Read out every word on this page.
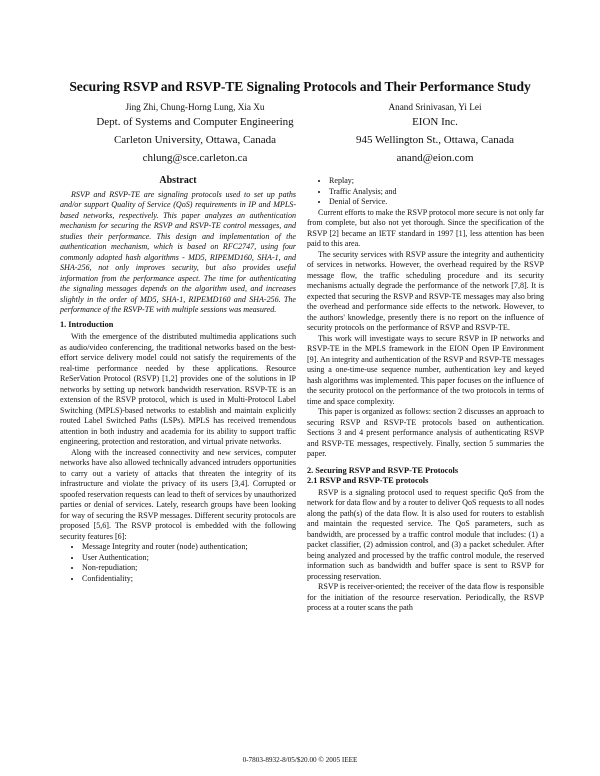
Securing RSVP and RSVP-TE Signaling Protocols and Their Performance Study
Jing Zhi, Chung-Horng Lung, Xia Xu
Dept. of Systems and Computer Engineering
Carleton University, Ottawa, Canada
chlung@sce.carleton.ca
Anand Srinivasan, Yi Lei
EION Inc.
945 Wellington St., Ottawa, Canada
anand@eion.com
Abstract

RSVP and RSVP-TE are signaling protocols used to set up paths and/or support Quality of Service (QoS) requirements in IP and MPLS-based networks, respectively. This paper analyzes an authentication mechanism for securing the RSVP and RSVP-TE control messages, and studies their performance. This design and implementation of the authentication mechanism, which is based on RFC2747, using four commonly adopted hash algorithms - MD5, RIPEMD160, SHA-1, and SHA-256, not only improves security, but also provides useful information from the performance aspect. The time for authenticating the signaling messages depends on the algorithm used, and increases slightly in the order of MD5, SHA-1, RIPEMD160 and SHA-256. The performance of the RSVP-TE with multiple sessions was measured.

1. Introduction

With the emergence of the distributed multimedia applications such as audio/video conferencing, the traditional networks based on the best-effort service delivery model could not satisfy the requirements of the real-time performance needed by these applications. Resource ReSerVation Protocol (RSVP) [1,2] provides one of the solutions in IP networks by setting up network bandwidth reservation. RSVP-TE is an extension of the RSVP protocol, which is used in Multi-Protocol Label Switching (MPLS)-based networks to establish and maintain explicitly routed Label Switched Paths (LSPs). MPLS has received tremendous attention in both industry and academia for its ability to support traffic engineering, protection and restoration, and virtual private networks.

Along with the increased connectivity and new services, computer networks have also allowed technically advanced intruders opportunities to carry out a variety of attacks that threaten the integrity of its infrastructure and violate the privacy of its users [3,4]. Corrupted or spoofed reservation requests can lead to theft of services by unauthorized parties or denial of services. Lately, research groups have been looking for way of securing the RSVP messages. Different security protocols are proposed [5,6]. The RSVP protocol is embedded with the following security features [6]:

• Message Integrity and router (node) authentication;
• User Authentication;
• Non-repudiation;
• Confidentiality;
• Replay;
• Traffic Analysis; and
• Denial of Service.

Current efforts to make the RSVP protocol more secure is not only far from complete, but also not yet thorough. Since the specification of the RSVP [2] became an IETF standard in 1997 [1], less attention has been paid to this area.

The security services with RSVP assure the integrity and authenticity of services in networks. However, the overhead required by the RSVP message flow, the traffic scheduling procedure and its security mechanisms actually degrade the performance of the network [7,8]. It is expected that securing the RSVP and RSVP-TE messages may also bring the overhead and performance side effects to the network. However, to the authors' knowledge, presently there is no report on the influence of security protocols on the performance of RSVP and RSVP-TE.

This work will investigate ways to secure RSVP in IP networks and RSVP-TE in the MPLS framework in the EION Open IP Environment [9]. An integrity and authentication of the RSVP and RSVP-TE messages using a one-time-use sequence number, authentication key and keyed hash algorithms was implemented. This paper focuses on the influence of the security protocol on the performance of the two protocols in terms of time and space complexity.

This paper is organized as follows: section 2 discusses an approach to securing RSVP and RSVP-TE protocols based on authentication. Sections 3 and 4 present performance analysis of authenticating RSVP and RSVP-TE messages, respectively. Finally, section 5 summaries the paper.

2. Securing RSVP and RSVP-TE Protocols
2.1 RSVP and RSVP-TE protocols

RSVP is a signaling protocol used to request specific QoS from the network for data flow and by a router to deliver QoS requests to all nodes along the path(s) of the data flow. It is also used for routers to establish and maintain the requested service. The QoS parameters, such as bandwidth, are processed by a traffic control module that includes: (1) a packet classifier, (2) admission control, and (3) a packet scheduler. After being analyzed and processed by the traffic control module, the reserved information such as bandwidth and buffer space is sent to RSVP for processing reservation.

RSVP is receiver-oriented; the receiver of the data flow is responsible for the initiation of the resource reservation. Periodically, the RSVP process at a router scans the path

0-7803-8932-8/05/$20.00 © 2005 IEEE
